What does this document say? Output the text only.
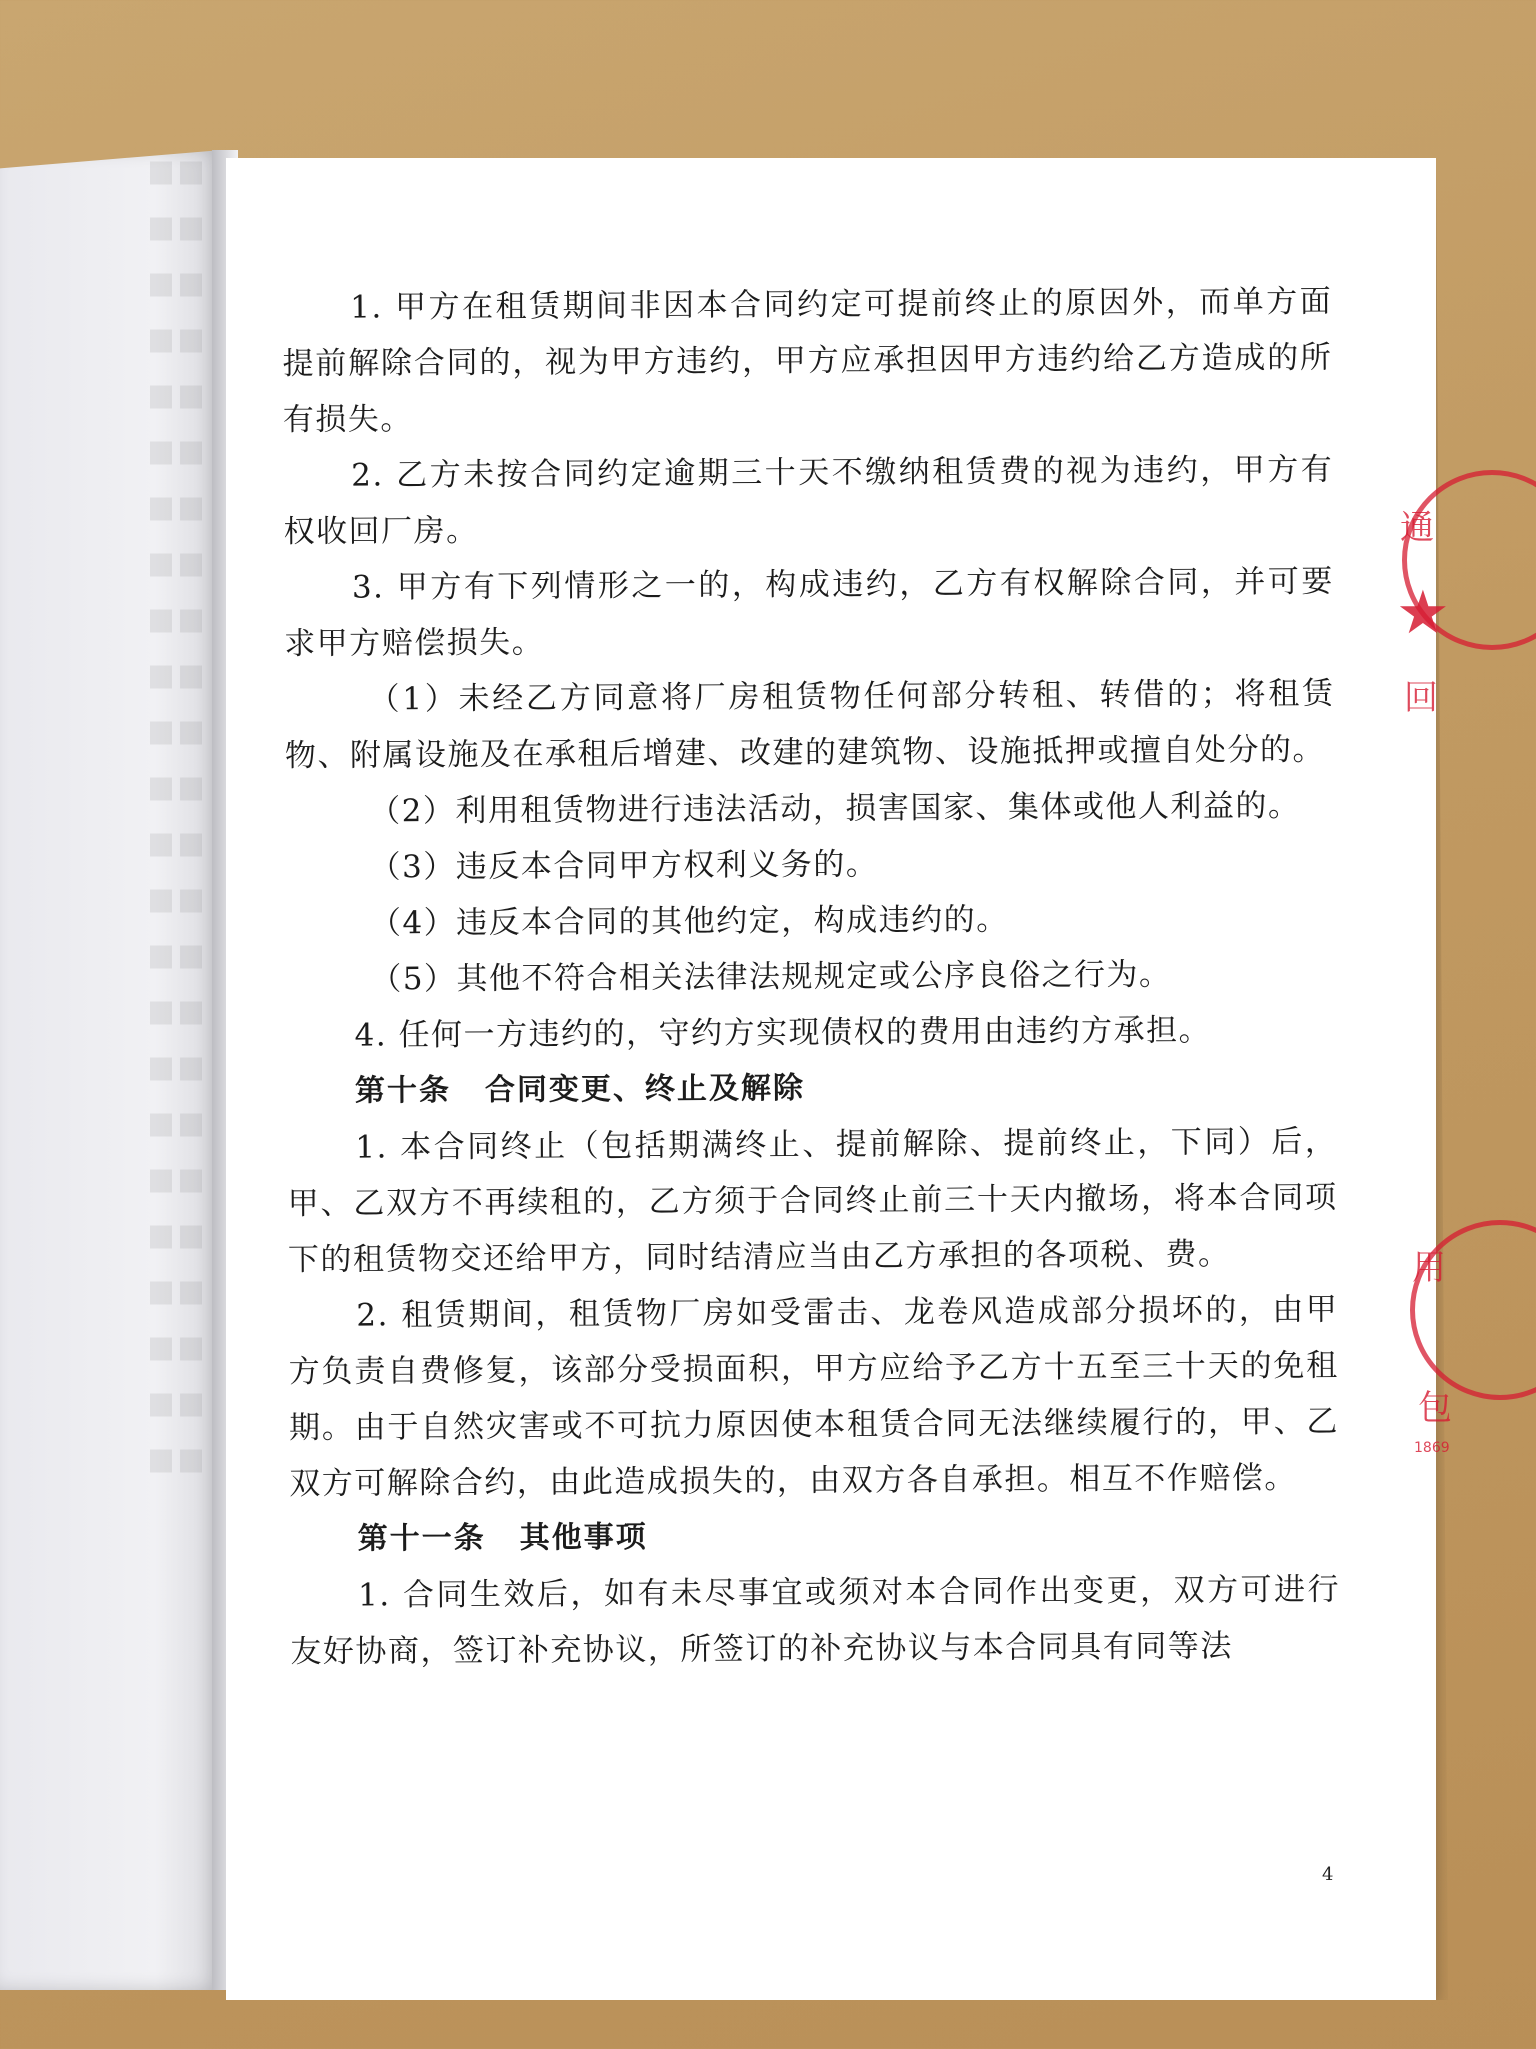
1. 甲方在租赁期间非因本合同约定可提前终止的原因外，而单方面提前解除合同的，视为甲方违约，甲方应承担因甲方违约给乙方造成的所有损失。

2. 乙方未按合同约定逾期三十天不缴纳租赁费的视为违约，甲方有权收回厂房。

3. 甲方有下列情形之一的，构成违约，乙方有权解除合同，并可要求甲方赔偿损失。

（1）未经乙方同意将厂房租赁物任何部分转租、转借的；将租赁物、附属设施及在承租后增建、改建的建筑物、设施抵押或擅自处分的。

（2）利用租赁物进行违法活动，损害国家、集体或他人利益的。

（3）违反本合同甲方权利义务的。

（4）违反本合同的其他约定，构成违约的。

（5）其他不符合相关法律法规规定或公序良俗之行为。

4. 任何一方违约的，守约方实现债权的费用由违约方承担。

第十条 合同变更、终止及解除

1. 本合同终止（包括期满终止、提前解除、提前终止，下同）后，甲、乙双方不再续租的，乙方须于合同终止前三十天内撤场，将本合同项下的租赁物交还给甲方，同时结清应当由乙方承担的各项税、费。

2. 租赁期间，租赁物厂房如受雷击、龙卷风造成部分损坏的，由甲方负责自费修复，该部分受损面积，甲方应给予乙方十五至三十天的免租期。由于自然灾害或不可抗力原因使本租赁合同无法继续履行的，甲、乙双方可解除合约，由此造成损失的，由双方各自承担。相互不作赔偿。

第十一条 其他事项

1. 合同生效后，如有未尽事宜或须对本合同作出变更，双方可进行友好协商，签订补充协议，所签订的补充协议与本合同具有同等法

4
通
★
回
用
包
1869
